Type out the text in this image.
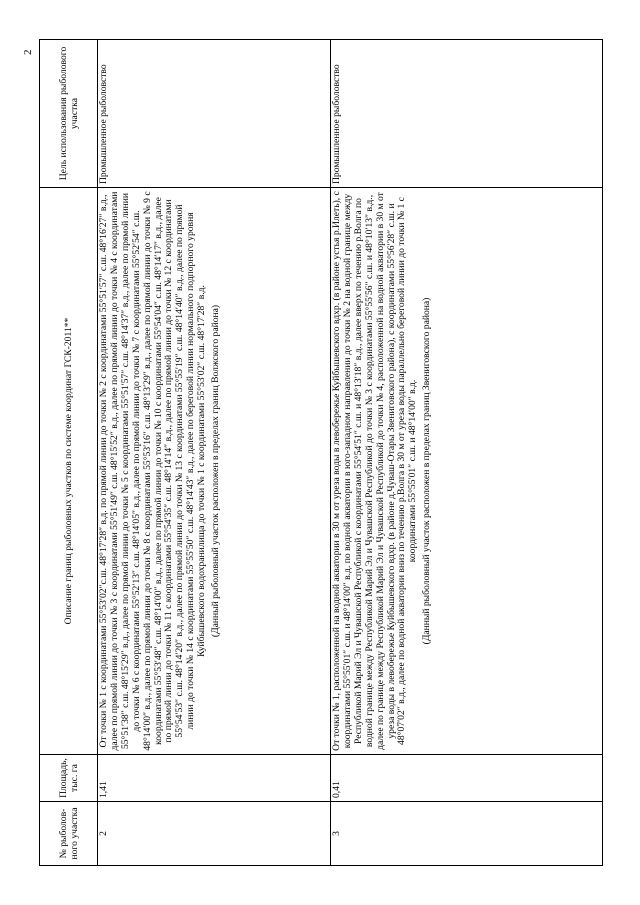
2
№ рыболов- ного участка	Площадь, тыс. га	Описание границ рыболовных участков по системе координат ГСК-2011**	Цель использования рыболового участка
2	1,41	От точки № 1 с координатами 55°53′02″с.ш. 48°17′28″ в.д. по прямой линии до точки № 2 с координатами 55°51′57″ с.ш. 48°16′27″ в.д., далее по прямой линии до точки № 3 с координатами 55°51′49″ с.ш. 48°15′52″ в.д., далее по прямой линии до точки № 4 с координатами 55°51′38″ с.ш. 48°15′29″ в.д., далее по прямой линии до точки № 5 с координатами 55°51′57″ с.ш. 48°14′37″ в.д., далее по прямой линии до точки № 6 с координатами 55°52′13″ с.ш. 48°14′05″ в.д., далее по прямой линии до точки № 7 с координатами 55°52′54″ с.ш. 48°14′00″ в.д., далее по прямой линии до точки № 8 с координатами 55°53′16″ с.ш. 48°13′29″ в.д., далее по прямой линии до точки № 9 с координатами 55°53′48″ с.ш. 48°14′00″ в.д., далее по прямой линии до точки № 10 с координатами 55°54′04″ с.ш. 48°14′17″ в.д., далее по прямой линии до точки № 11 с координатами 55°54′35″ с.ш. 48°14′14″ в.д., далее по прямой линии до точки № 12 с координатами 55°54′53″ с.ш. 48°14′20″ в.д., далее по прямой линии до точки № 13 с координатами 55°55′19″ с.ш. 48°14′40″ в.д., далее по прямой линии до точки № 14 с координатами 55°55′50″ с.ш. 48°14′43″ в.д., далее по береговой линии нормального подпорного уровня Куйбышевского водохранилища до точки № 1 с координатами 55°53′02″ с.ш. 48°17′28″ в.д. (Данный рыболовный участок расположен в пределах границ Волжского района)	Промышленное рыболовство
3	0,41	От точки № 1, расположенной на водной акватории в 30 м от уреза воды в левобережье Куйбышевского вдхр. (в районе устья р.Илеть), с координатами 55°55′01″ с.ш. и 48°14′00″ в.д. по водной акватории в юго-западном направлении до точки № 2 на водной границе между Республикой Марий Эл и Чувашской Республикой с координатами 55°54′51″ с.ш. и 48°13′18″ в.д., далее вверх по течению р.Волга по водной границе между Республикой Марий Эл и Чувашской Республикой до точки № 3 с координатами 55°55′56″ с.ш. и 48°10′13″ в.д., далее по границе между Республикой Марий Эл и Чувашской Республикой до точки № 4, расположенной на водной акватории в 30 м от уреза воды в левобережье Куйбышевского вдхр. (в районе д.Чуваш-Отары Звениговского района), с координатами 55°56′28″ с.ш. и 48°07′02″ в.д., далее по водной акватории вниз по течению р.Волга в 30 м от уреза воды параллельно береговой линии до точки № 1 с координатами 55°55′01″ с.ш. и 48°14′00″ в.д. (Данный рыболовный участок расположен в пределах границ Звениговского района)	Промышленное рыболовство
